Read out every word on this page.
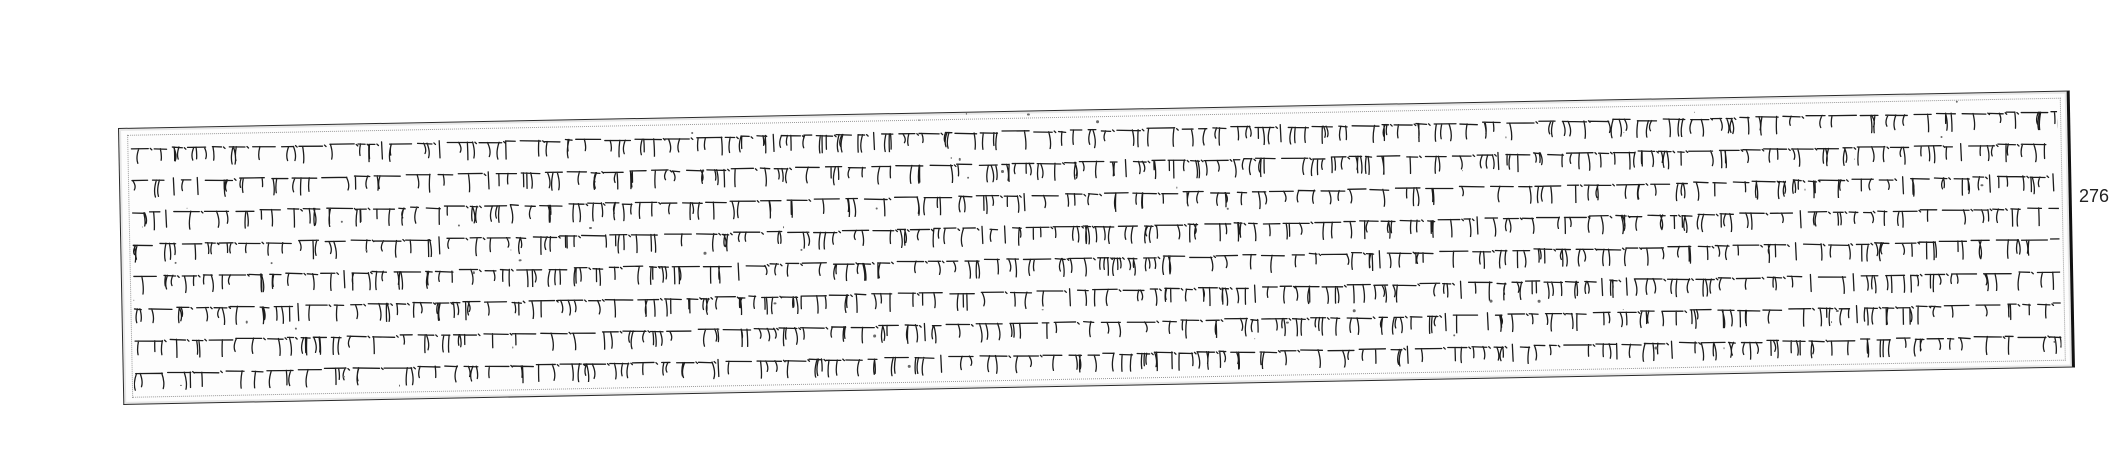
276
